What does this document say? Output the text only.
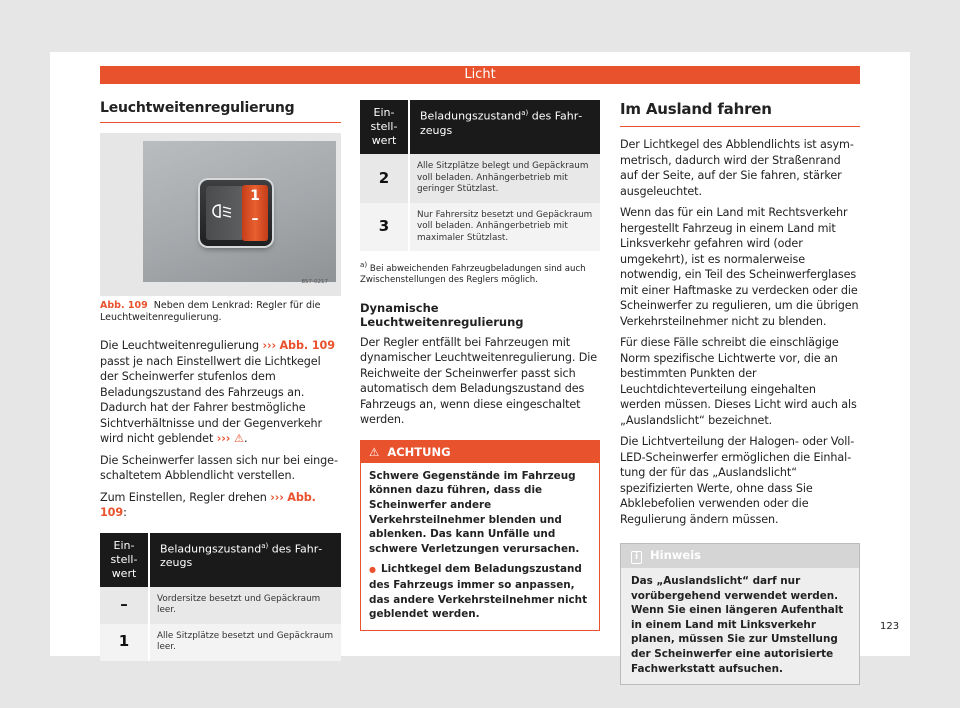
Licht
Leuchtweitenregulierung
1
–
857-0217
Abb. 109 Neben dem Lenkrad: Regler für die Leuchtweitenregulierung.

Die Leuchtweitenregulierung ››› Abb. 109 passt je nach Einstellwert die Lichtkegel der Scheinwerfer stufenlos dem Beladungszustand des Fahrzeugs an. Dadurch hat der Fahrer bestmögliche Sichtverhältnisse und der Gegenverkehr wird nicht geblendet ››› ⚠.

Die Scheinwerfer lassen sich nur bei eingeschaltetem Abblendlicht verstellen.

Zum Einstellen, Regler drehen ››› Abb. 109:

Ein-stell-wert	Beladungszustand$^{a)}$ des Fahrzeugs
–	Vordersitze besetzt und Gepäckraum leer.
1	Alle Sitzplätze besetzt und Gepäckraum leer.
Ein-stell-wert	Beladungszustand$^{a)}$ des Fahrzeugs
2	Alle Sitzplätze belegt und Gepäckraum voll beladen. Anhängerbetrieb mit geringer Stützlast.
3	Nur Fahrersitz besetzt und Gepäckraum voll beladen. Anhängerbetrieb mit maximaler Stützlast.
$^{a)}$ Bei abweichenden Fahrzeugbeladungen sind auch Zwischenstellungen des Reglers möglich.
Dynamische Leuchtweitenregulierung

Der Regler entfällt bei Fahrzeugen mit dynamischer Leuchtweitenregulierung. Die Reichweite der Scheinwerfer passt sich automatisch dem Beladungszustand des Fahrzeugs an, wenn diese eingeschaltet werden.

⚠ ACHTUNG
Schwere Gegenstände im Fahrzeug können dazu führen, dass die Scheinwerfer andere Verkehrsteilnehmer blenden und ablenken. Das kann Unfälle und schwere Verletzungen verursachen.
● Lichtkegel dem Beladungszustand des Fahrzeugs immer so anpassen, das andere Verkehrsteilnehmer nicht geblendet werden.
Im Ausland fahren

Der Lichtkegel des Abblendlichts ist asymmetrisch, dadurch wird der Straßenrand auf der Seite, auf der Sie fahren, stärker ausgeleuchtet.

Wenn das für ein Land mit Rechtsverkehr hergestellt Fahrzeug in einem Land mit Linksverkehr gefahren wird (oder umgekehrt), ist es normalerweise notwendig, ein Teil des Scheinwerferglases mit einer Haftmaske zu verdecken oder die Scheinwerfer zu regulieren, um die übrigen Verkehrsteilnehmer nicht zu blenden.

Für diese Fälle schreibt die einschlägige Norm spezifische Lichtwerte vor, die an bestimmten Punkten der Leuchtdichteverteilung eingehalten werden müssen. Dieses Licht wird auch als „Auslandslicht“ bezeichnet.

Die Lichtverteilung der Halogen- oder Voll-LED-Scheinwerfer ermöglichen die Einhaltung der für das „Auslandslicht“ spezifizierten Werte, ohne dass Sie Abklebefolien verwenden oder die Regulierung ändern müssen.

i Hinweis
Das „Auslandslicht“ darf nur vorübergehend verwendet werden. Wenn Sie einen längeren Aufenthalt in einem Land mit Linksverkehr planen, müssen Sie zur Umstellung der Scheinwerfer eine autorisierte Fachwerkstatt aufsuchen.
123
